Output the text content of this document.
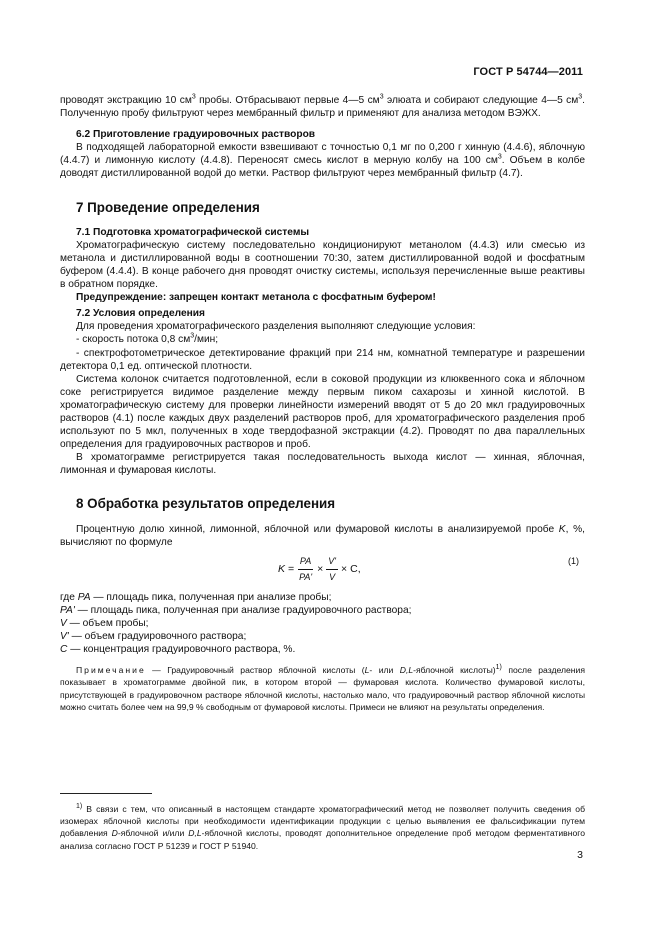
ГОСТ Р 54744—2011

проводят экстракцию 10 $см^3$ пробы. Отбрасывают первые 4—5 $см^3$ элюата и собирают следующие 4—5 $см^3$. Полученную пробу фильтруют через мембранный фильтр и применяют для анализа методом ВЭЖХ.

6.2 Приготовление градуировочных растворов

В подходящей лабораторной емкости взвешивают с точностью 0,1 мг по 0,200 г хинную (4.4.6), яблочную (4.4.7) и лимонную кислоту (4.4.8). Переносят смесь кислот в мерную колбу на 100 $см^3$. Объем в колбе доводят дистиллированной водой до метки. Раствор фильтруют через мембранный фильтр (4.7).

7 Проведение определения

7.1 Подготовка хроматографической системы

Хроматографическую систему последовательно кондиционируют метанолом (4.4.3) или смесью из метанола и дистиллированной воды в соотношении 70:30, затем дистиллированной водой и фосфатным буфером (4.4.4). В конце рабочего дня проводят очистку системы, используя перечисленные выше реактивы в обратном порядке.

Предупреждение: запрещен контакт метанола с фосфатным буфером!

7.2 Условия определения

Для проведения хроматографического разделения выполняют следующие условия:

- скорость потока 0,8 $см^3$/мин;

- спектрофотометрическое детектирование фракций при 214 нм, комнатной температуре и разрешении детектора 0,1 ед. оптической плотности.

Система колонок считается подготовленной, если в соковой продукции из клюквенного сока и яблочном соке регистрируется видимое разделение между первым пиком сахарозы и хинной кислотой. В хроматографическую систему для проверки линейности измерений вводят от 5 до 20 мкл градуировочных растворов (4.1) после каждых двух разделений растворов проб, для хроматографического разделения проб используют по 5 мкл, полученных в ходе твердофазной экстракции (4.2). Проводят по два параллельных определения для градуировочных растворов и проб.

В хроматограмме регистрируется такая последовательность выхода кислот — хинная, яблочная, лимонная и фумаровая кислоты.

8 Обработка результатов определения

Процентную долю хинной, лимонной, яблочной или фумаровой кислоты в анализируемой пробе K, %, вычисляют по формуле

$K = \frac{PA}{PA'} \times \frac{V'}{V} \times C$,
(1)

где PA — площадь пика, полученная при анализе пробы;

PA' — площадь пика, полученная при анализе градуировочного раствора;

V — объем пробы;

V' — объем градуировочного раствора;

C — концентрация градуировочного раствора, %.

Примечание — Градуировочный раствор яблочной кислоты (L- или D,L-яблочной кислоты)$^{1)}$ после разделения показывает в хроматограмме двойной пик, в котором второй — фумаровая кислота. Количество фумаровой кислоты, присутствующей в градуировочном растворе яблочной кислоты, настолько мало, что градуировочный раствор яблочной кислоты можно считать более чем на 99,9 % свободным от фумаровой кислоты. Примеси не влияют на результаты определения.

$^{1)}$ В связи с тем, что описанный в настоящем стандарте хроматографический метод не позволяет получить сведения об изомерах яблочной кислоты при необходимости идентификации продукции с целью выявления ее фальсификации путем добавления D-яблочной и/или D,L-яблочной кислоты, проводят дополнительное определение проб методом ферментативного анализа согласно ГОСТ Р 51239 и ГОСТ Р 51940.

3
